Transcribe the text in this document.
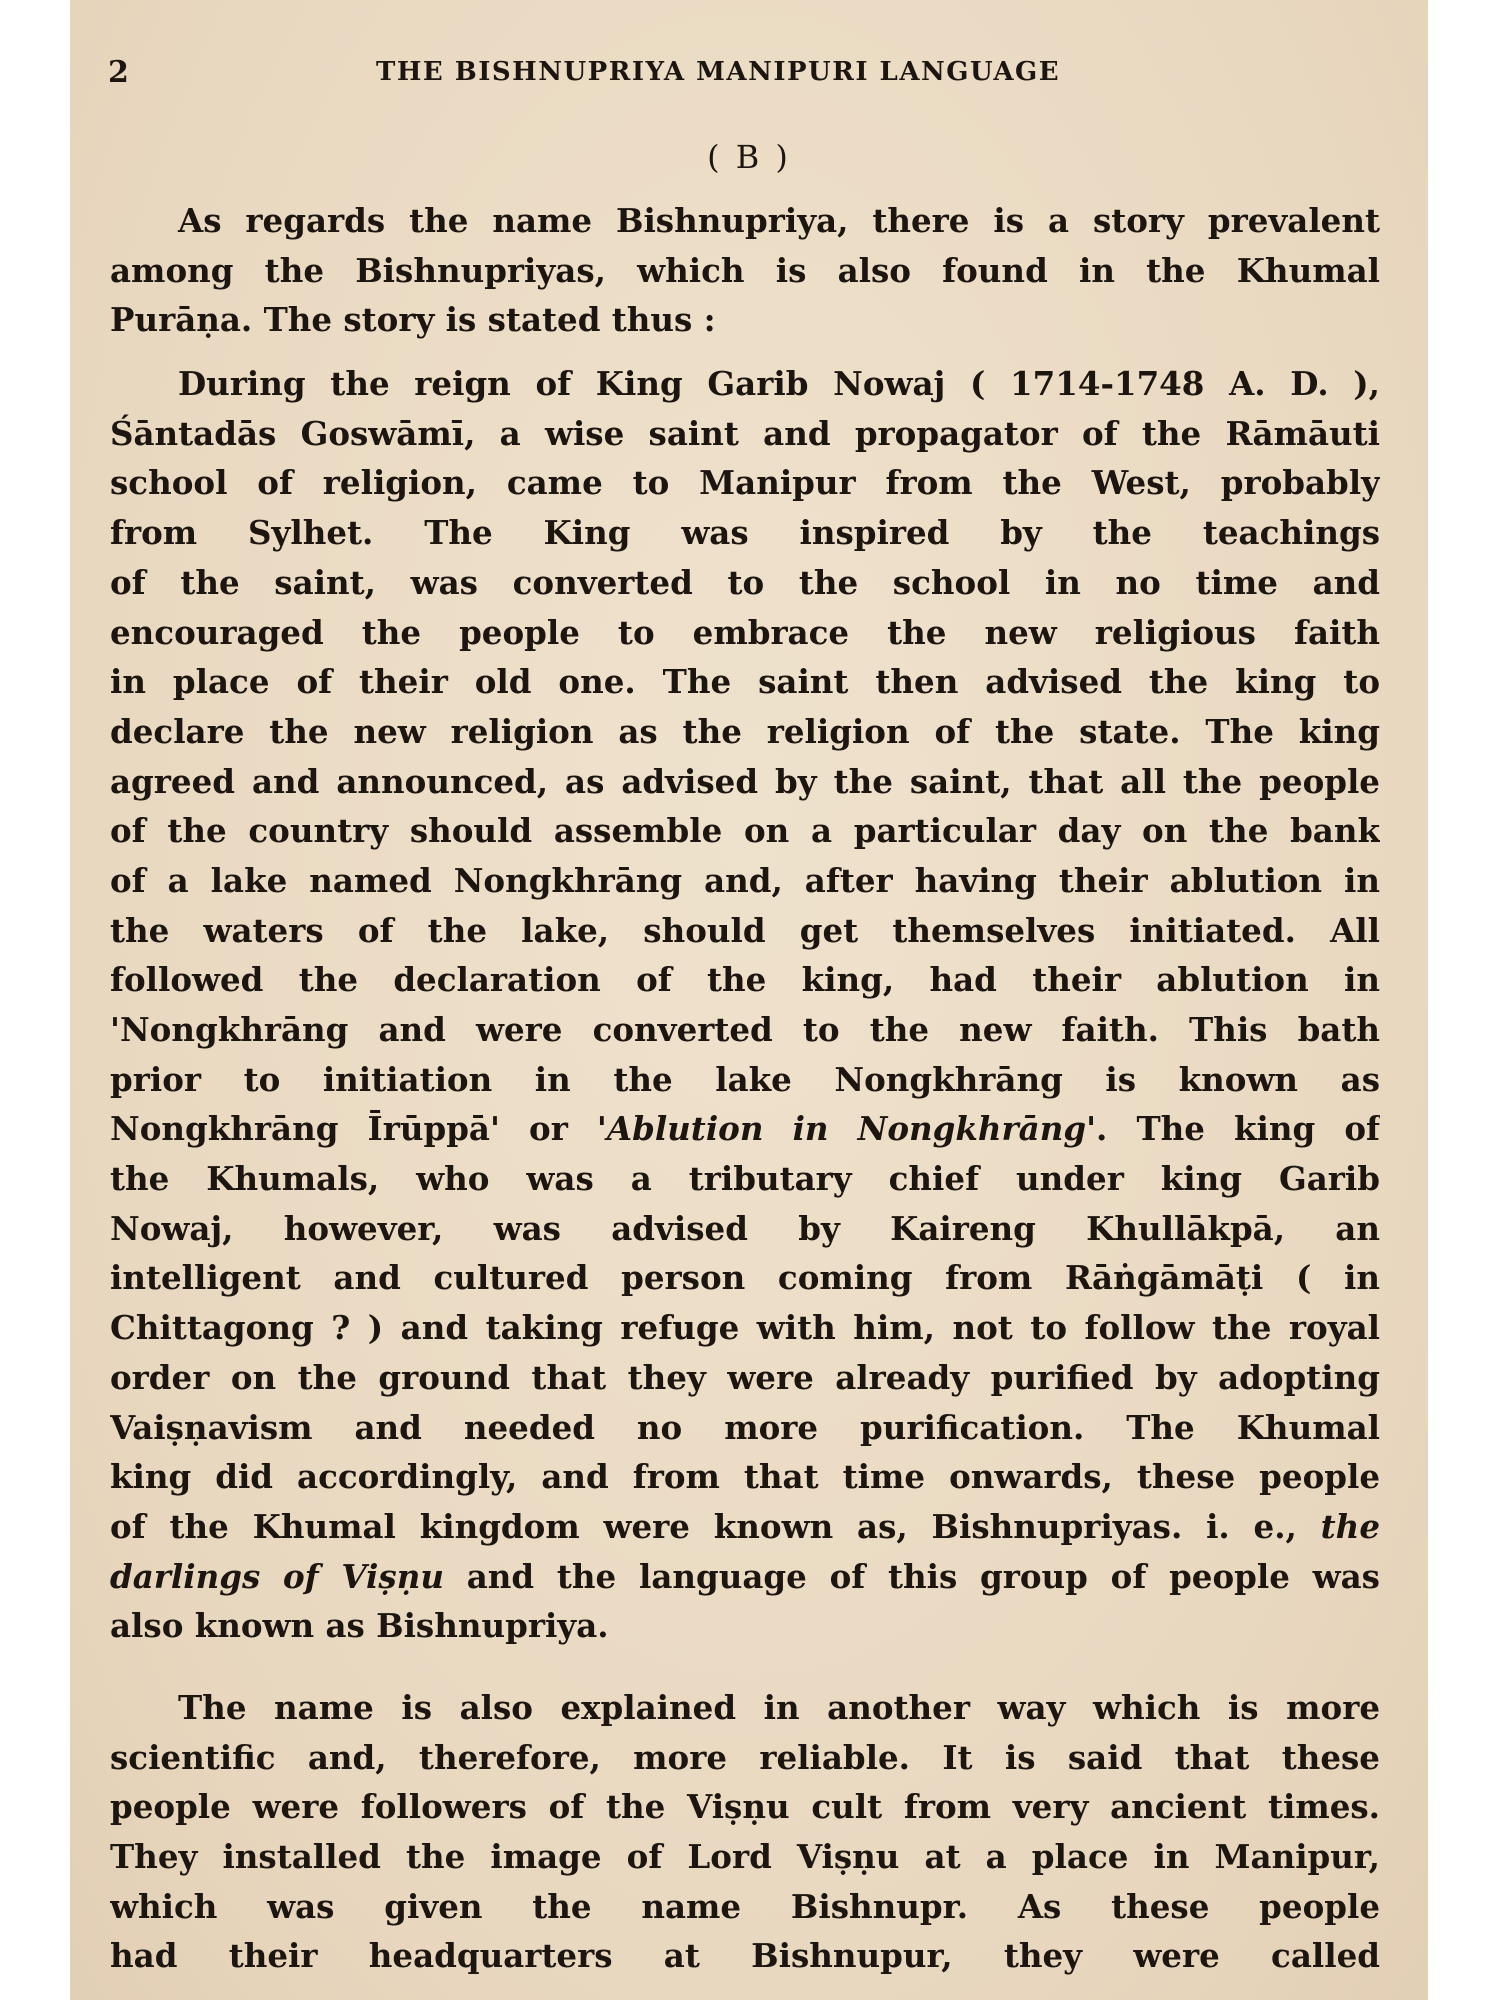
2	THE BISHNUPRIYA MANIPURI LANGUAGE
( B )
As regards the name Bishnupriya, there is a story prevalent
among the Bishnupriyas, which is also found in the Khumal
Purāṇa. The story is stated thus :
During the reign of King Garib Nowaj ( 1714-1748 A. D. ),
Śāntadās Goswāmī, a wise saint and propagator of the Rāmāuti
school of religion, came to Manipur from the West, probably
from Sylhet. The King was inspired by the teachings
of the saint, was converted to the school in no time and
encouraged the people to embrace the new religious faith
in place of their old one. The saint then advised the king to
declare the new religion as the religion of the state. The king
agreed and announced, as advised by the saint, that all the people
of the country should assemble on a particular day on the bank
of a lake named Nongkhrāng and, after having their ablution in
the waters of the lake, should get themselves initiated. All
followed the declaration of the king, had their ablution in
'Nongkhrāng and were converted to the new faith. This bath
prior to initiation in the lake Nongkhrāng is known as
Nongkhrāng Īrūppā' or 'Ablution in Nongkhrāng'. The king of
the Khumals, who was a tributary chief under king Garib
Nowaj, however, was advised by Kaireng Khullākpā, an
intelligent and cultured person coming from Rāṅgāmāṭi ( in
Chittagong ? ) and taking refuge with him, not to follow the royal
order on the ground that they were already purified by adopting
Vaiṣṇavism and needed no more purification. The Khumal
king did accordingly, and from that time onwards, these people
of the Khumal kingdom were known as, Bishnupriyas. i. e., the
darlings of Viṣṇu and the language of this group of people was
also known as Bishnupriya.
The name is also explained in another way which is more
scientific and, therefore, more reliable. It is said that these
people were followers of the Viṣṇu cult from very ancient times.
They installed the image of Lord Viṣṇu at a place in Manipur,
which was given the name Bishnupr. As these people
had their headquarters at Bishnupur, they were called
